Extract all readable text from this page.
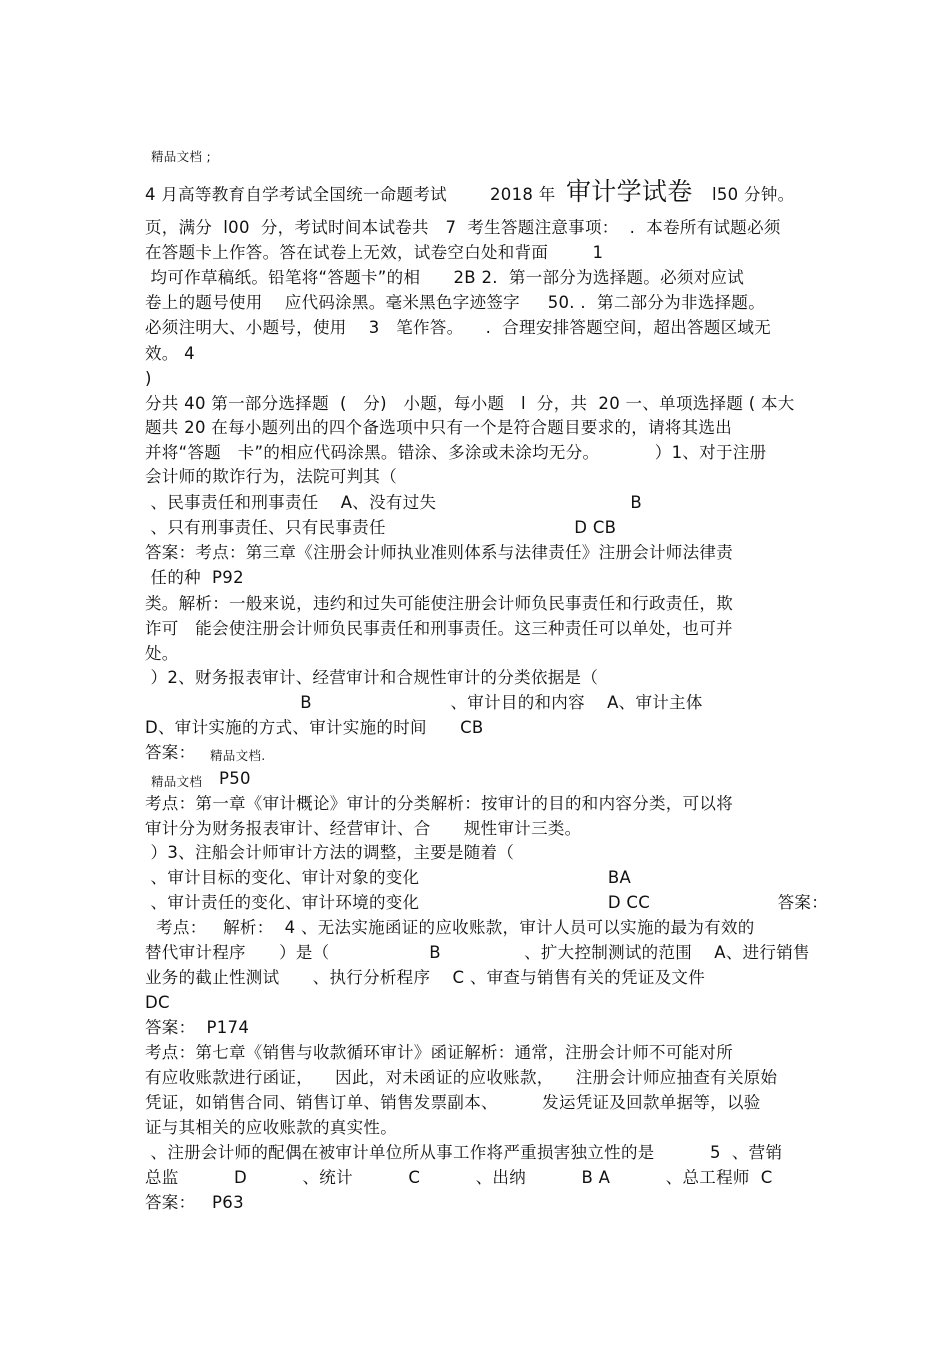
精品文档 ;
4 月高等教育自学考试全国统一命题考试	2018 年 审计学试卷 l50 分钟。
页，满分  l00  分，考试时间本试卷共   7  考生答题注意事项：  .  本卷所有试题必须
在答题卡上作答。答在试卷上无效，试卷空白处和背面        1
均可作草稿纸。铅笔将“答题卡”的相      2B 2.  第一部分为选择题。必须对应试
卷上的题号使用    应代码涂黑。毫米黑色字迹签字     50. .  第二部分为非选择题。
必须注明大、小题号，使用    3   笔作答。    .  合理安排答题空间，超出答题区域无
效。 4
)
分共 40 第一部分选择题  (   分)   小题，每小题   l  分，共  20 一、单项选择题 ( 本大
题共 20 在每小题列出的四个备选项中只有一个是符合题目要求的，请将其选出
并将“答题   卡”的相应代码涂黑。错涂、多涂或未涂均无分。          ）1、对于注册
会计师的欺诈行为，法院可判其（
、民事责任和刑事责任    A、没有过失                                   B
、只有刑事责任、只有民事责任                                  D CB
答案：考点：第三章《注册会计师执业准则体系与法律责任》注册会计师法律责
任的种  P92
类。解析：一般来说，违约和过失可能使注册会计师负民事责任和行政责任，欺
诈可   能会使注册会计师负民事责任和刑事责任。这三种责任可以单处，也可并
处。
）2、财务报表审计、经营审计和合规性审计的分类依据是（
B                         、审计目的和内容    A、审计主体
D、审计实施的方式、审计实施的时间      CB
答案： 精品文档.
精品文档 P50
考点：第一章《审计概论》审计的分类解析：按审计的目的和内容分类，可以将
审计分为财务报表审计、经营审计、合      规性审计三类。
）3、注船会计师审计方法的调整，主要是随着（
、审计目标的变化、审计对象的变化                                  BA
、审计责任的变化、审计环境的变化                                  D CC                       答案：
考点：   解析：  4 、无法实施函证的应收账款，审计人员可以实施的最为有效的
替代审计程序      ）是（                  B               、扩大控制测试的范围    A、进行销售
业务的截止性测试      、执行分析程序    C 、审查与销售有关的凭证及文件
DC
答案：  P174
考点：第七章《销售与收款循环审计》函证解析：通常，注册会计师不可能对所
有应收账款进行函证，    因此，对未函证的应收账款，    注册会计师应抽查有关原始
凭证，如销售合同、销售订单、销售发票副本、        发运凭证及回款单据等，以验
证与其相关的应收账款的真实性。
、注册会计师的配偶在被审计单位所从事工作将严重损害独立性的是          5  、营销
总监          D          、统计          C          、出纳          B A          、总工程师  C
答案：   P63
